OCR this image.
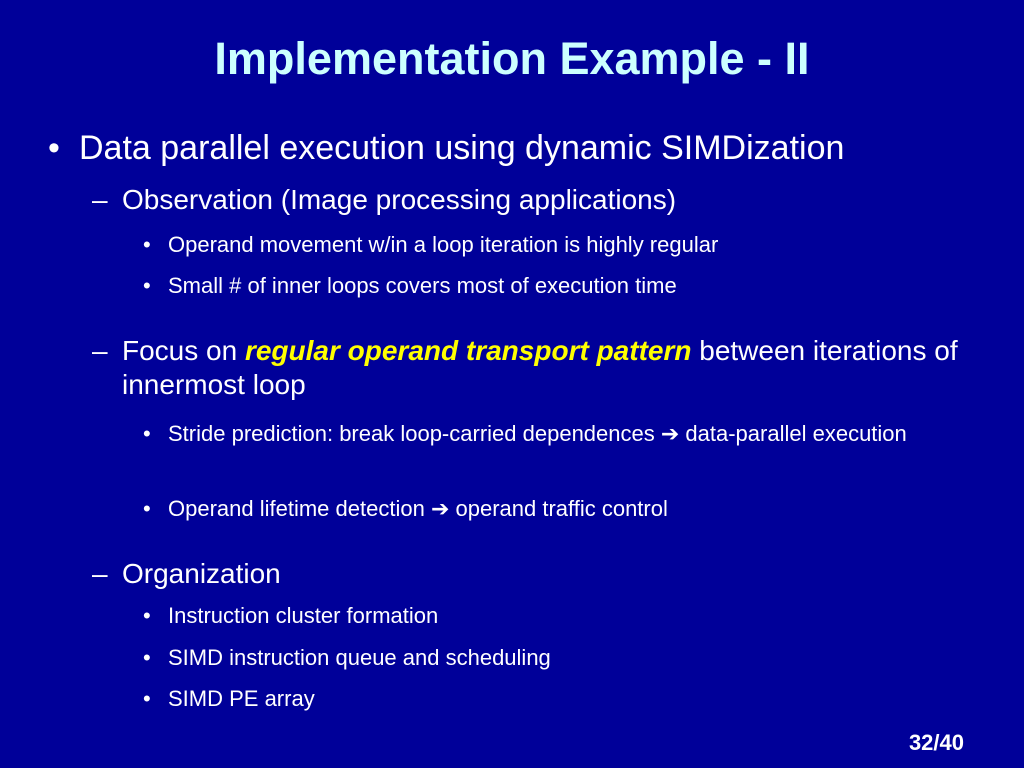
Implementation Example - II
• Data parallel execution using dynamic SIMDization
– Observation (Image processing applications)
• Operand movement w/in a loop iteration is highly regular
• Small # of inner loops covers most of execution time
– Focus on regular operand transport pattern between iterations of innermost loop
• Stride prediction: break loop-carried dependences ➔ data-parallel execution
• Operand lifetime detection ➔ operand traffic control
– Organization
• Instruction cluster formation
• SIMD instruction queue and scheduling
• SIMD PE array
32/40
